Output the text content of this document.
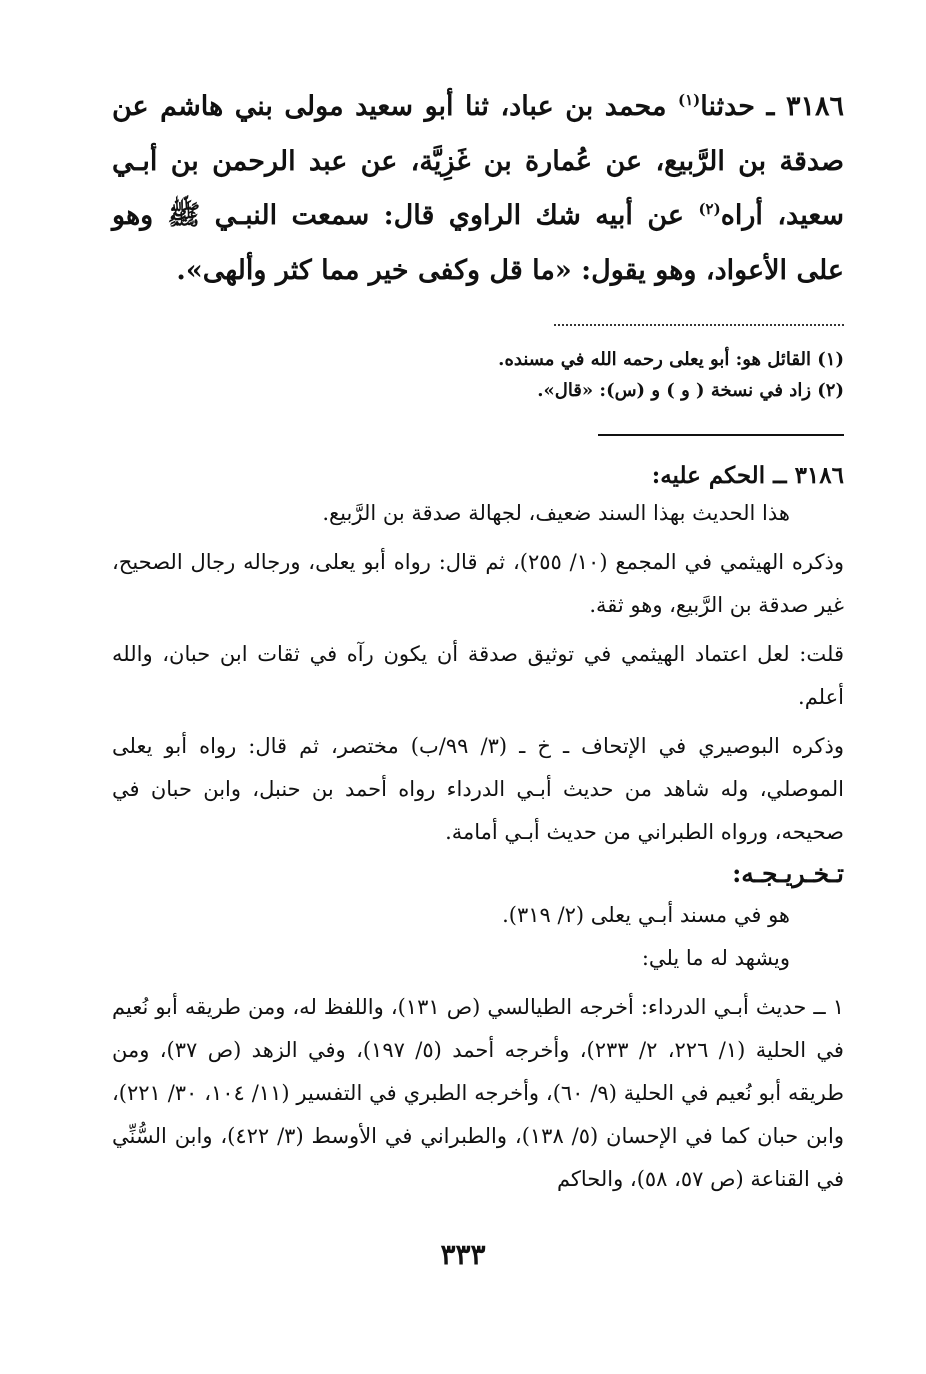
٣١٨٦ ـ حدثنا$^{(١)}$ محمد بن عباد، ثنا أبو سعيد مولى بني هاشم عن صدقة بن الرَّبيع، عن عُمارة بن غَزِيَّة، عن عبد الرحمن بن أبـي سعيد، أراه$^{(٢)}$ عن أبيه شك الراوي قال: سمعت النبـي ﷺ وهو على الأعواد، وهو يقول: «ما قل وكفى خير مما كثر وألهى».

(١) القائل هو: أبو يعلى رحمه الله في مسنده.

(٢) زاد في نسخة ( و ) و (س): «قال».

٣١٨٦ ــ الحكم عليه:

هذا الحديث بهذا السند ضعيف، لجهالة صدقة بن الرَّبيع.

وذكره الهيثمي في المجمع (١٠/ ٢٥٥)، ثم قال: رواه أبو يعلى، ورجاله رجال الصحيح، غير صدقة بن الرَّبيع، وهو ثقة.

قلت: لعل اعتماد الهيثمي في توثيق صدقة أن يكون رآه في ثقات ابن حبان، والله أعلم.

وذكره البوصيري في الإتحاف ـ خ ـ (٣/ ٩٩/ب) مختصر، ثم قال: رواه أبو يعلى الموصلي، وله شاهد من حديث أبـي الدرداء رواه أحمد بن حنبل، وابن حبان في صحيحه، ورواه الطبراني من حديث أبـي أمامة.

تـخـريـجـه:

هو في مسند أبـي يعلى (٢/ ٣١٩).

ويشهد له ما يلي:

١ ــ حديث أبـي الدرداء: أخرجه الطيالسي (ص ١٣١)، واللفظ له، ومن طريقه أبو نُعيم في الحلية (١/ ٢٢٦، ٢/ ٢٣٣)، وأخرجه أحمد (٥/ ١٩٧)، وفي الزهد (ص ٣٧)، ومن طريقه أبو نُعيم في الحلية (٩/ ٦٠)، وأخرجه الطبري في التفسير (١١/ ١٠٤، ٣٠/ ٢٢١)، وابن حبان كما في الإحسان (٥/ ١٣٨)، والطبراني في الأوسط (٣/ ٤٢٢)، وابن السُّنِّي في القناعة (ص ٥٧، ٥٨)، والحاكم

٣٣٣
